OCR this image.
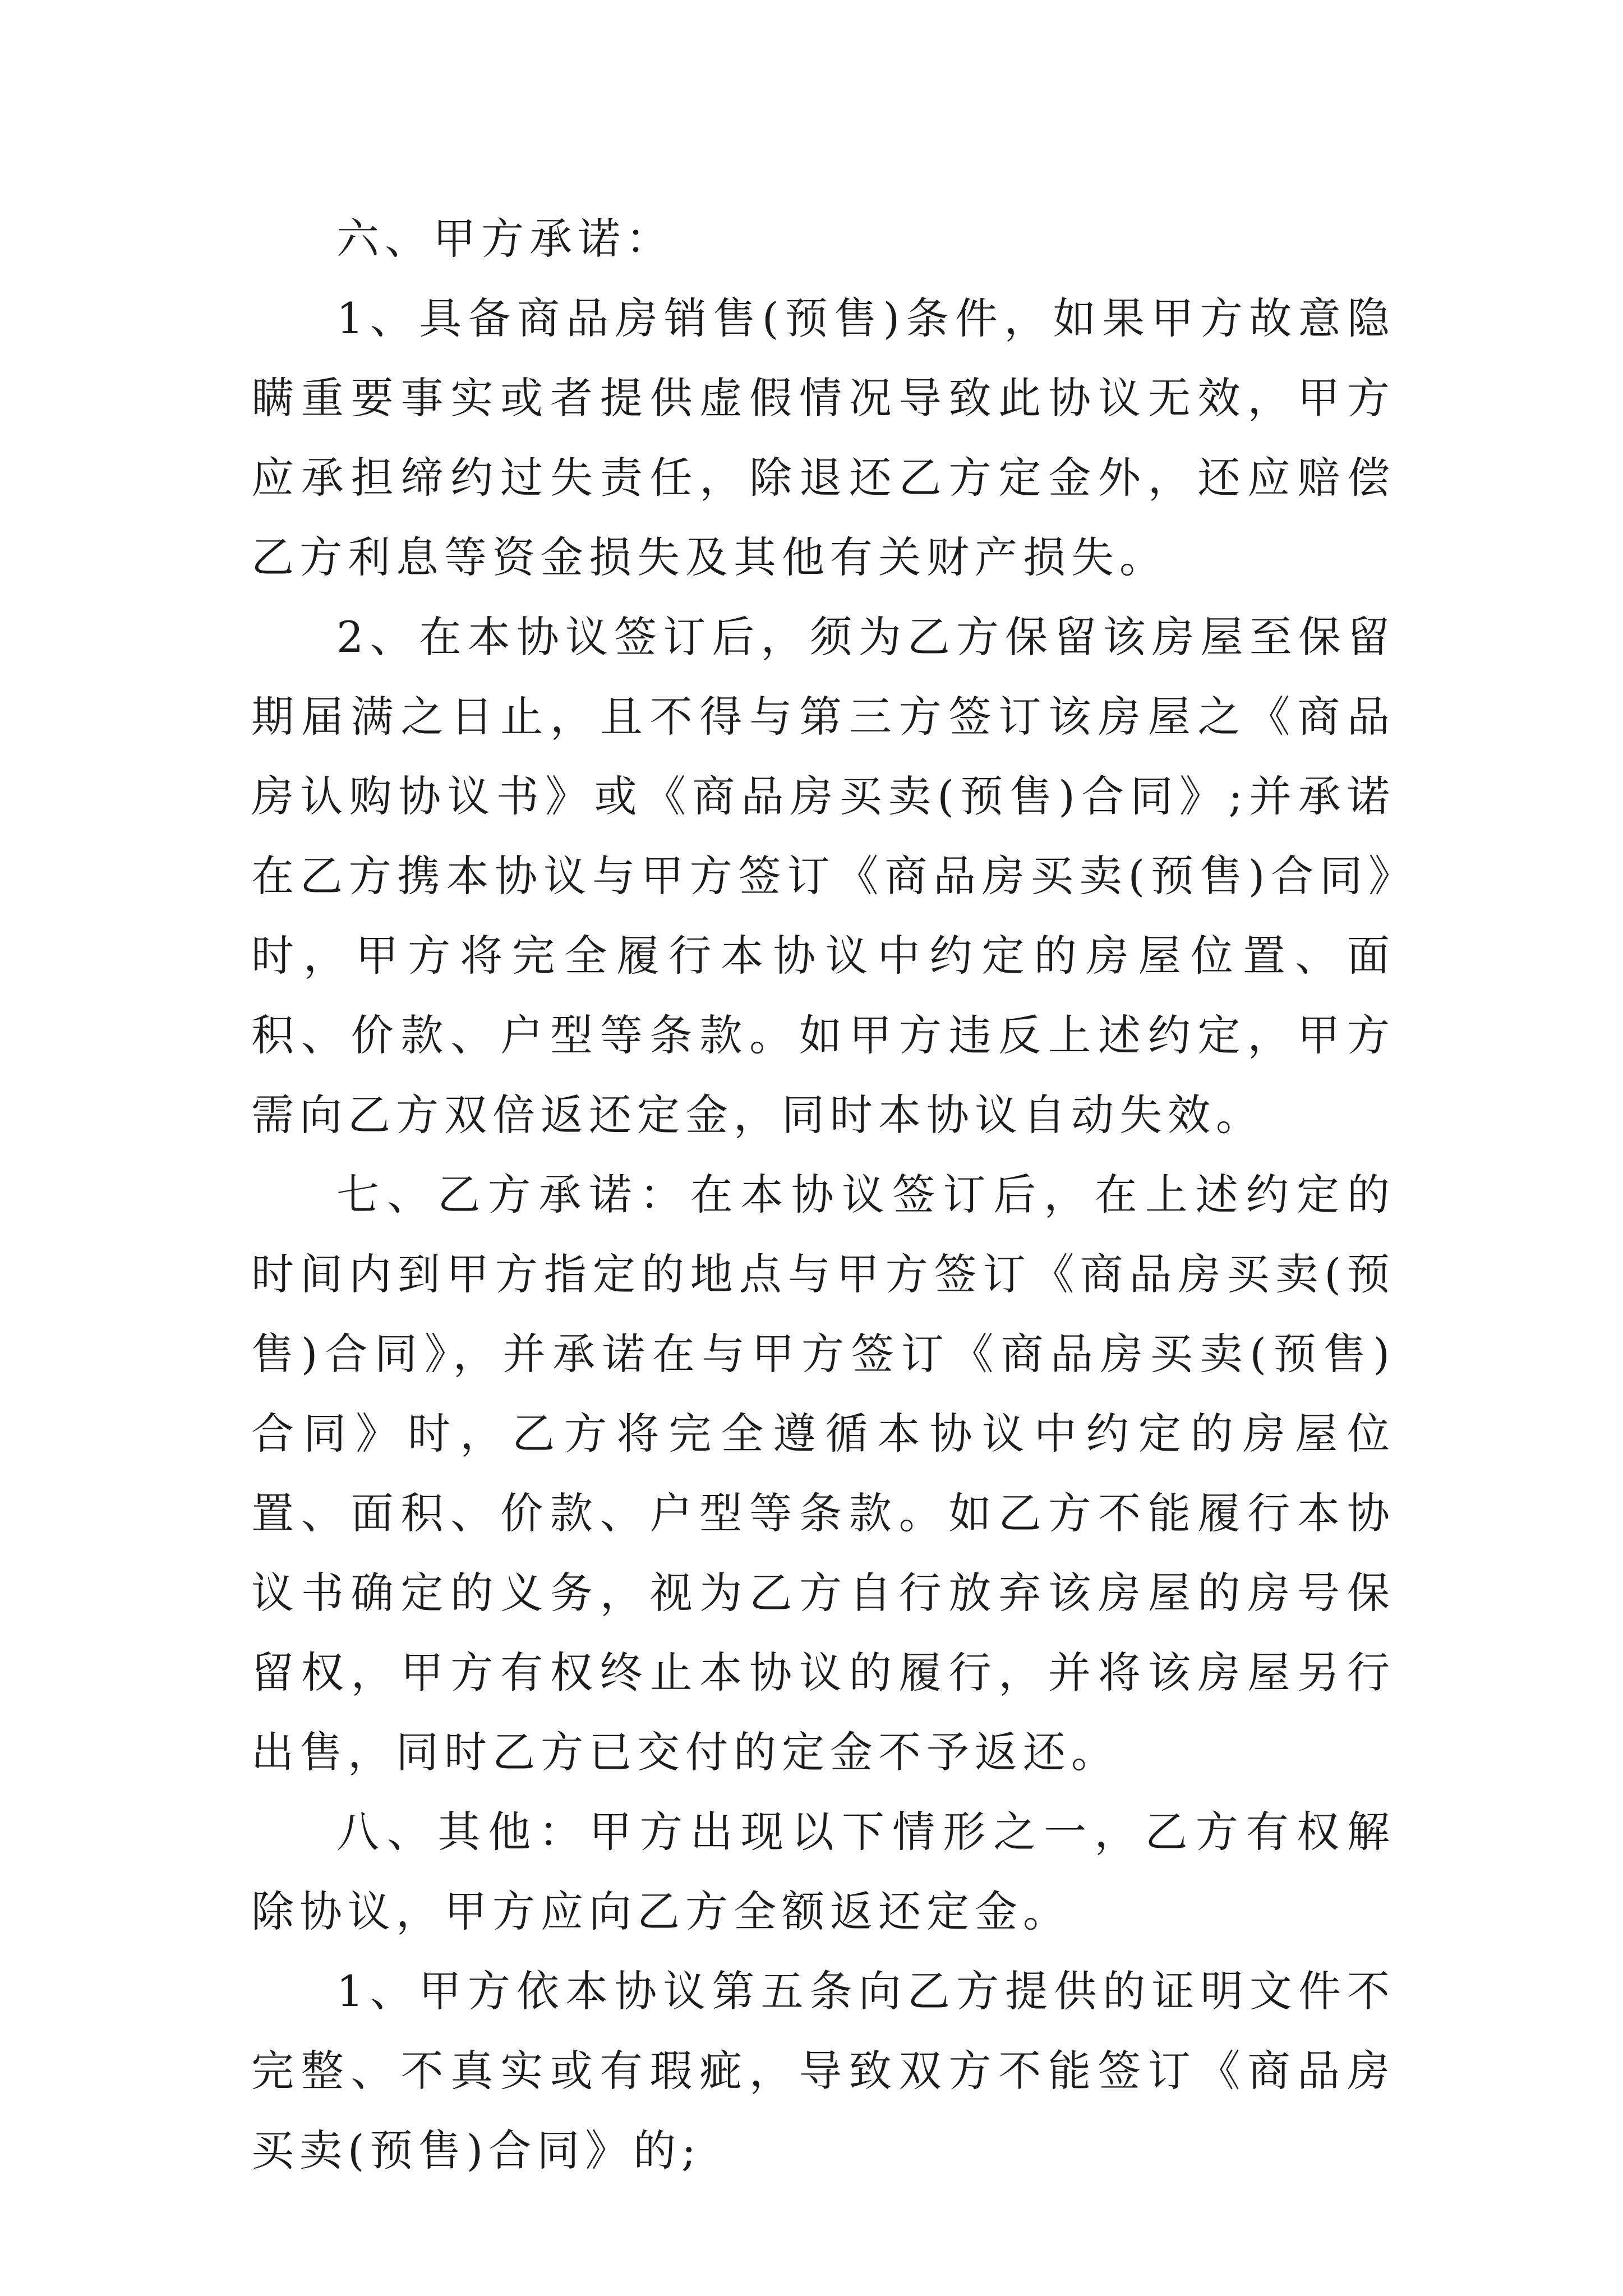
六、甲方承诺：

1、具备商品房销售(预售)条件，如果甲方故意隐瞒重要事实或者提供虚假情况导致此协议无效，甲方应承担缔约过失责任，除退还乙方定金外，还应赔偿乙方利息等资金损失及其他有关财产损失。

2、在本协议签订后，须为乙方保留该房屋至保留期届满之日止，且不得与第三方签订该房屋之《商品房认购协议书》或《商品房买卖(预售)合同》;并承诺在乙方携本协议与甲方签订《商品房买卖(预售)合同》时，甲方将完全履行本协议中约定的房屋位置、面积、价款、户型等条款。如甲方违反上述约定，甲方需向乙方双倍返还定金，同时本协议自动失效。

七、乙方承诺：在本协议签订后，在上述约定的时间内到甲方指定的地点与甲方签订《商品房买卖(预售)合同》，并承诺在与甲方签订《商品房买卖(预售)合同》时，乙方将完全遵循本协议中约定的房屋位置、面积、价款、户型等条款。如乙方不能履行本协议书确定的义务，视为乙方自行放弃该房屋的房号保留权，甲方有权终止本协议的履行，并将该房屋另行出售，同时乙方已交付的定金不予返还。

八、其他：甲方出现以下情形之一，乙方有权解除协议，甲方应向乙方全额返还定金。

1、甲方依本协议第五条向乙方提供的证明文件不完整、不真实或有瑕疵，导致双方不能签订《商品房买卖(预售)合同》的;
